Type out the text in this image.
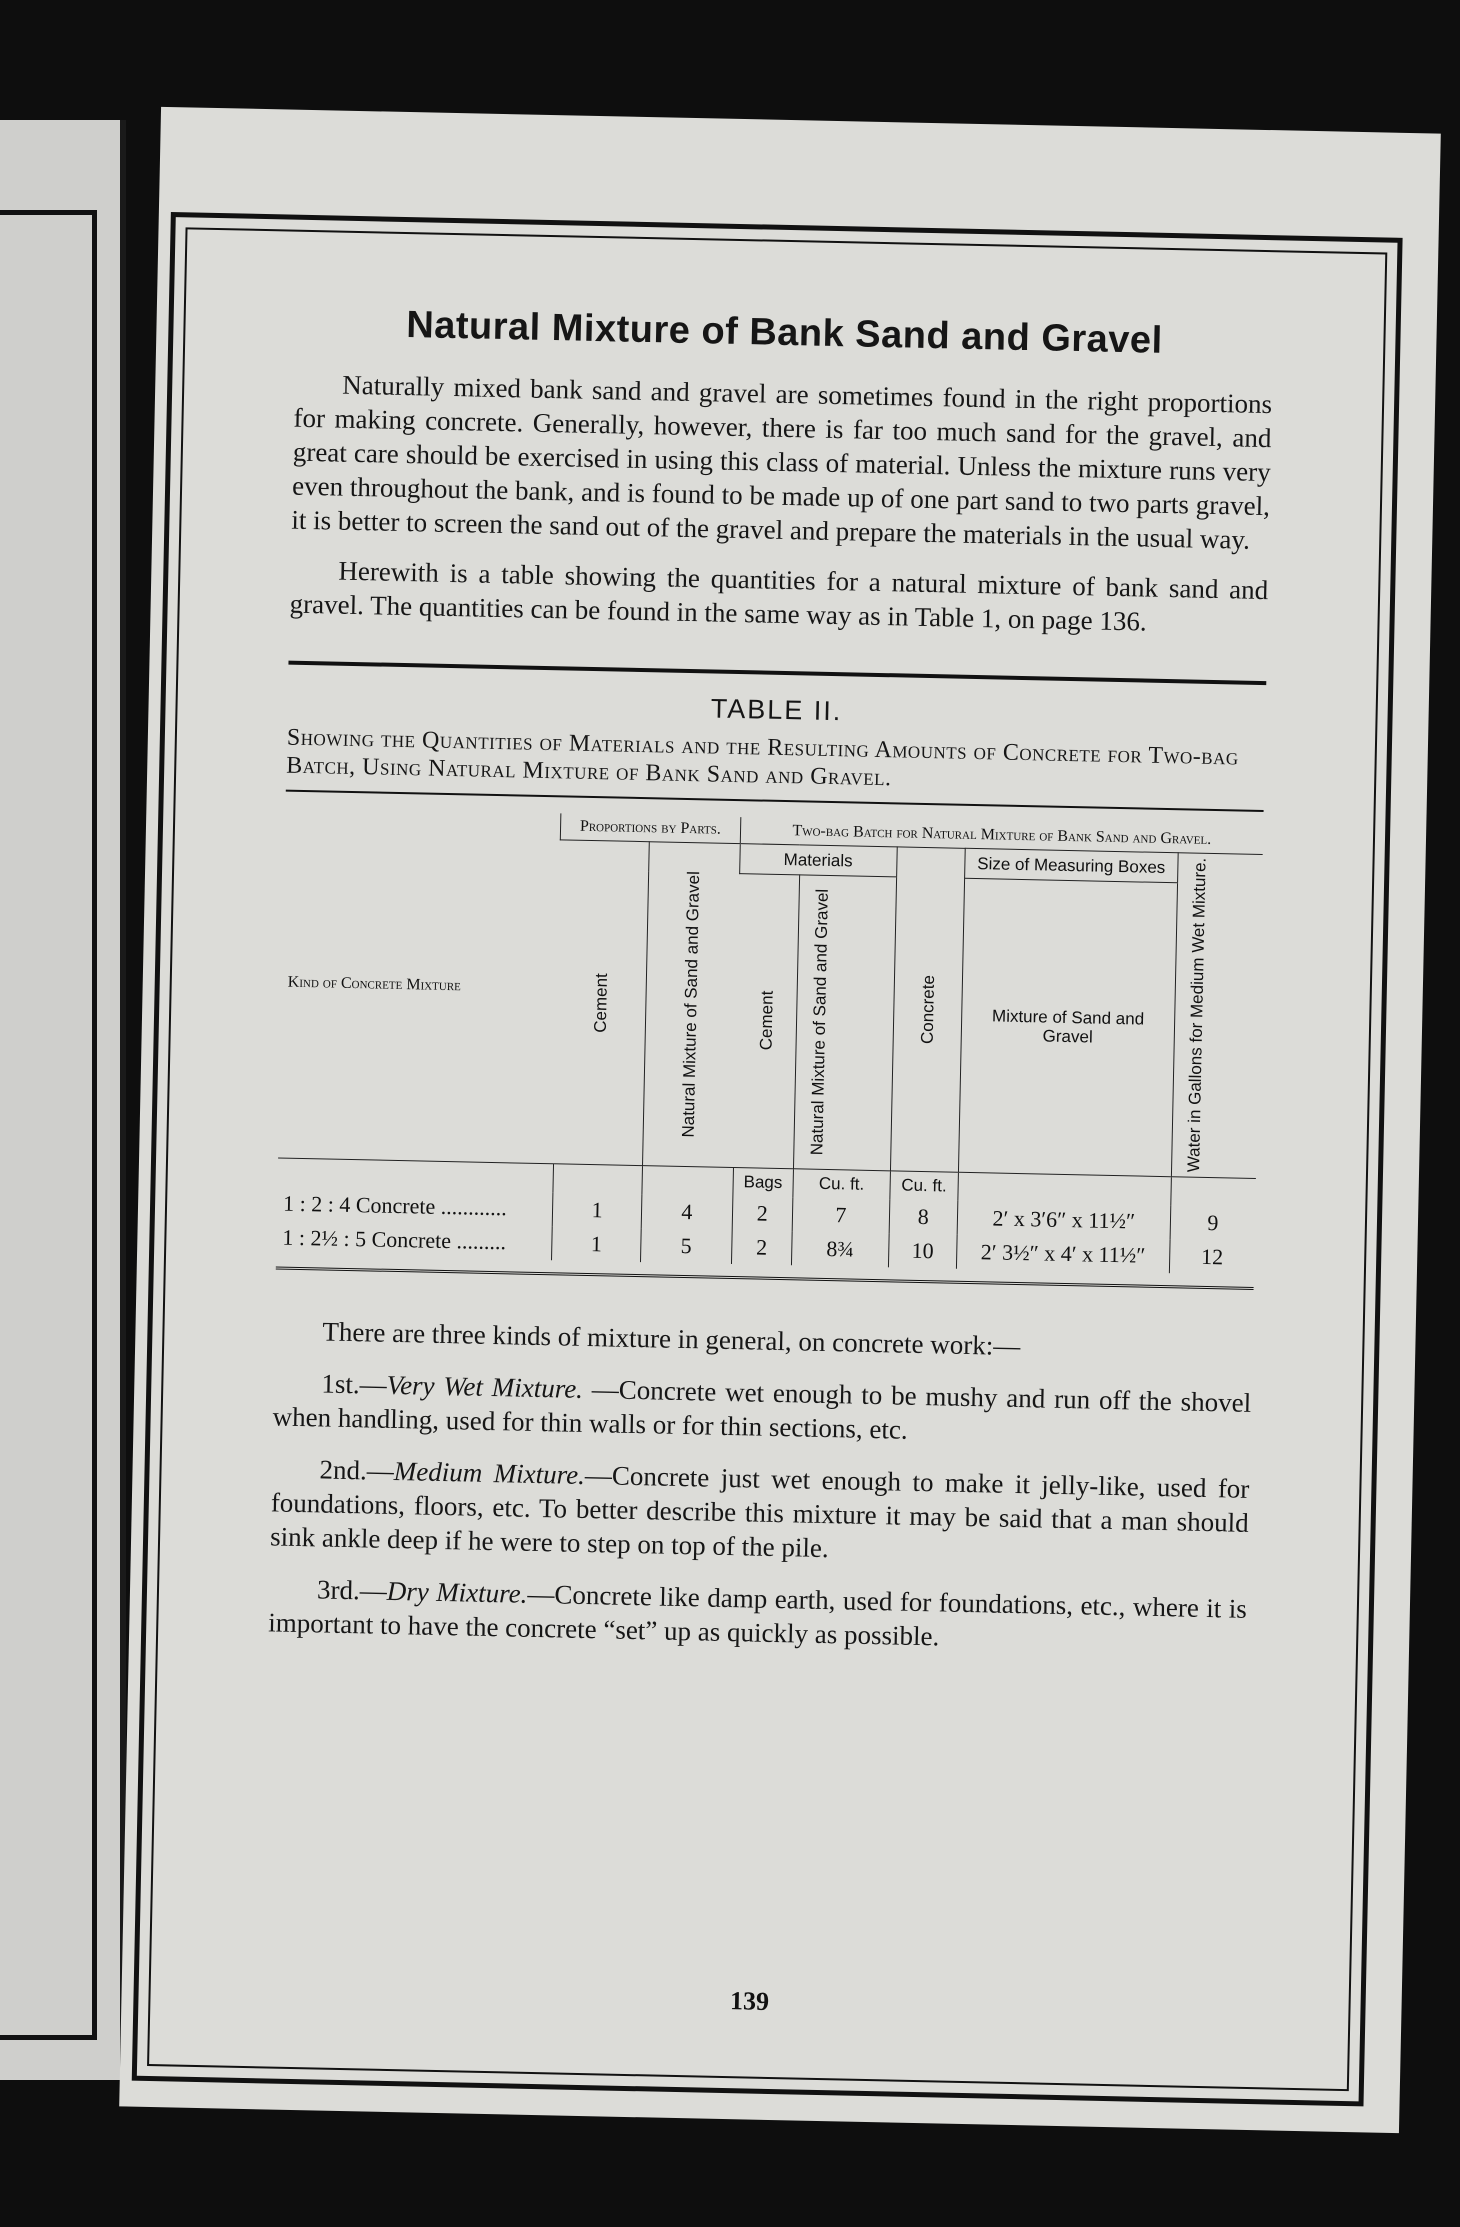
Natural Mixture of Bank Sand and Gravel

Naturally mixed bank sand and gravel are sometimes found in the right proportions for making concrete. Generally, however, there is far too much sand for the gravel, and great care should be exercised in using this class of material. Unless the mixture runs very even throughout the bank, and is found to be made up of one part sand to two parts gravel, it is better to screen the sand out of the gravel and prepare the materials in the usual way.

Herewith is a table showing the quantities for a natural mixture of bank sand and gravel. The quantities can be found in the same way as in Table 1, on page 136.

TABLE II.
Showing the Quantities of Materials and the Resulting Amounts of Concrete for Two-bag Batch, Using Natural Mixture of Bank Sand and Gravel.
Kind of Concrete Mixture	Proportions by Parts.		Two-bag Batch for Natural Mixture of Bank Sand and Gravel.				

	Cement	Natural Mixture of Sand and Gravel	Materials		Concrete	Size of Measuring Boxes	Water in Gallons for Medium Wet Mixture.

			Cement	Natural Mixture of Sand and Gravel		Mixture of Sand and Gravel	
			Bags	Cu. ft.	Cu. ft.		
1 : 2 : 4 Concrete ............	1	4	2	7	8	2′ x 3′6″ x 11½″	9
1 : 2½ : 5 Concrete .........	1	5	2	8¾	10	2′ 3½″ x 4′ x 11½″	12

There are three kinds of mixture in general, on concrete work:—

1st.—Very Wet Mixture. —Concrete wet enough to be mushy and run off the shovel when handling, used for thin walls or for thin sections, etc.

2nd.—Medium Mixture.—Concrete just wet enough to make it jelly-like, used for foundations, floors, etc. To better describe this mixture it may be said that a man should sink ankle deep if he were to step on top of the pile.

3rd.—Dry Mixture.—Concrete like damp earth, used for foundations, etc., where it is important to have the concrete “set” up as quickly as possible.

139
